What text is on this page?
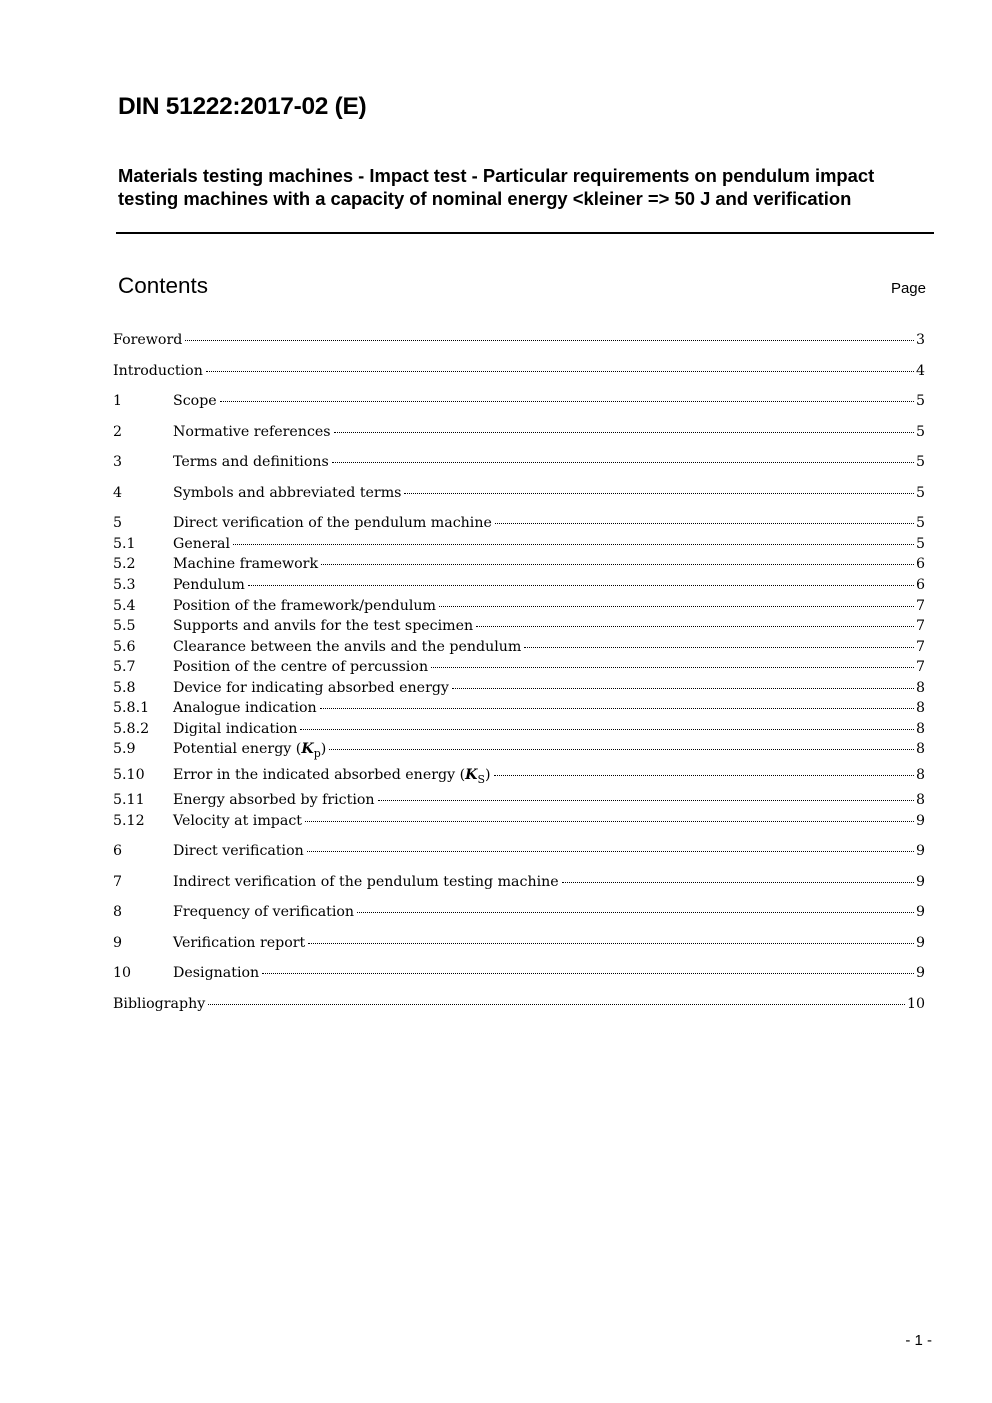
DIN 51222:2017-02 (E)
Materials testing machines - Impact test - Particular requirements on pendulum impact testing machines with a capacity of nominal energy <kleiner => 50 J and verification
Contents	Page
Foreword	3
Introduction	4
1	Scope	5
2	Normative references	5
3	Terms and definitions	5
4	Symbols and abbreviated terms	5
5	Direct verification of the pendulum machine	5
5.1	General	5
5.2	Machine framework	6
5.3	Pendulum	6
5.4	Position of the framework/pendulum	7
5.5	Supports and anvils for the test specimen	7
5.6	Clearance between the anvils and the pendulum	7
5.7	Position of the centre of percussion	7
5.8	Device for indicating absorbed energy	8
5.8.1	Analogue indication	8
5.8.2	Digital indication	8
5.9	Potential energy $(K_p)$	8
5.10	Error in the indicated absorbed energy $(K_S)$	8
5.11	Energy absorbed by friction	8
5.12	Velocity at impact	9
6	Direct verification	9
7	Indirect verification of the pendulum testing machine	9
8	Frequency of verification	9
9	Verification report	9
10	Designation	9
Bibliography	10
- 1 -
